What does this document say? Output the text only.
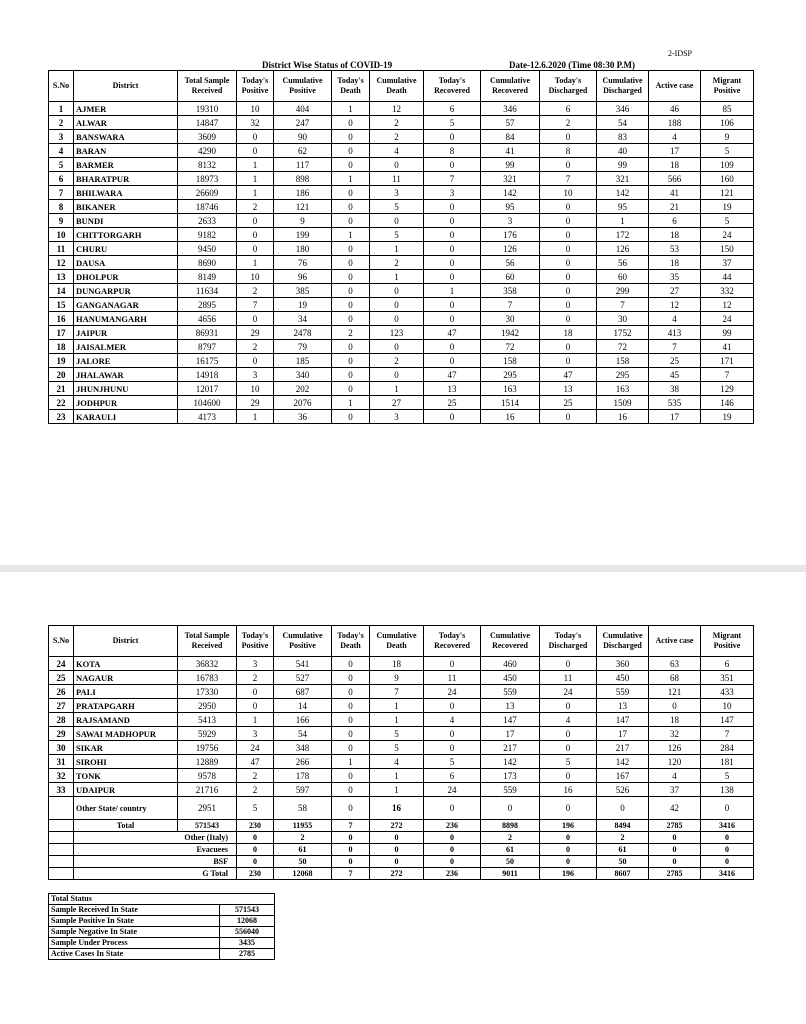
2-IDSP
District Wise Status of COVID-19	Date-12.6.2020 (Time 08:30 P.M)
S.No	District	Total Sample Received	Today's Positive	Cumulative Positive	Today's Death	Cumulative Death	Today's Recovered	Cumulative Recovered	Today's Discharged	Cumulative Discharged	Active case	Migrant Positive
1	AJMER	19310	10	404	1	12	6	346	6	346	46	85
2	ALWAR	14847	32	247	0	2	5	57	2	54	188	106
3	BANSWARA	3609	0	90	0	2	0	84	0	83	4	9
4	BARAN	4290	0	62	0	4	8	41	8	40	17	5
5	BARMER	8132	1	117	0	0	0	99	0	99	18	109
6	BHARATPUR	18973	1	898	1	11	7	321	7	321	566	160
7	BHILWARA	26609	1	186	0	3	3	142	10	142	41	121
8	BIKANER	18746	2	121	0	5	0	95	0	95	21	19
9	BUNDI	2633	0	9	0	0	0	3	0	1	6	5
10	CHITTORGARH	9182	0	199	1	5	0	176	0	172	18	24
11	CHURU	9450	0	180	0	1	0	126	0	126	53	150
12	DAUSA	8690	1	76	0	2	0	56	0	56	18	37
13	DHOLPUR	8149	10	96	0	1	0	60	0	60	35	44
14	DUNGARPUR	11634	2	385	0	0	1	358	0	299	27	332
15	GANGANAGAR	2895	7	19	0	0	0	7	0	7	12	12
16	HANUMANGARH	4656	0	34	0	0	0	30	0	30	4	24
17	JAIPUR	86931	29	2478	2	123	47	1942	18	1752	413	99
18	JAISALMER	8797	2	79	0	0	0	72	0	72	7	41
19	JALORE	16175	0	185	0	2	0	158	0	158	25	171
20	JHALAWAR	14918	3	340	0	0	47	295	47	295	45	7
21	JHUNJHUNU	12017	10	202	0	1	13	163	13	163	38	129
22	JODHPUR	104600	29	2076	1	27	25	1514	25	1509	535	146
23	KARAULI	4173	1	36	0	3	0	16	0	16	17	19
S.No	District	Total Sample Received	Today's Positive	Cumulative Positive	Today's Death	Cumulative Death	Today's Recovered	Cumulative Recovered	Today's Discharged	Cumulative Discharged	Active case	Migrant Positive
24	KOTA	36832	3	541	0	18	0	460	0	360	63	6
25	NAGAUR	16783	2	527	0	9	11	450	11	450	68	351
26	PALI	17330	0	687	0	7	24	559	24	559	121	433
27	PRATAPGARH	2950	0	14	0	1	0	13	0	13	0	10
28	RAJSAMAND	5413	1	166	0	1	4	147	4	147	18	147
29	SAWAI MADHOPUR	5929	3	54	0	5	0	17	0	17	32	7
30	SIKAR	19756	24	348	0	5	0	217	0	217	126	284
31	SIROHI	12889	47	266	1	4	5	142	5	142	120	181
32	TONK	9578	2	178	0	1	6	173	0	167	4	5
33	UDAIPUR	21716	2	597	0	1	24	559	16	526	37	138
	Other State/ country	2951	5	58	0	16	0	0	0	0	42	0
	Total	571543	230	11955	7	272	236	8898	196	8494	2785	3416
	Other (Italy)		0	2	0	0	0	2	0	2	0	0
	Evacuees		0	61	0	0	0	61	0	61	0	0
	BSF		0	50	0	0	0	50	0	50	0	0
	G Total		230	12068	7	272	236	9011	196	8607	2785	3416
Total Status	
Sample Received In State	571543
Sample Positive In State	12068
Sample Negative In State	556040
Sample Under Process	3435
Active Cases In State	2785
